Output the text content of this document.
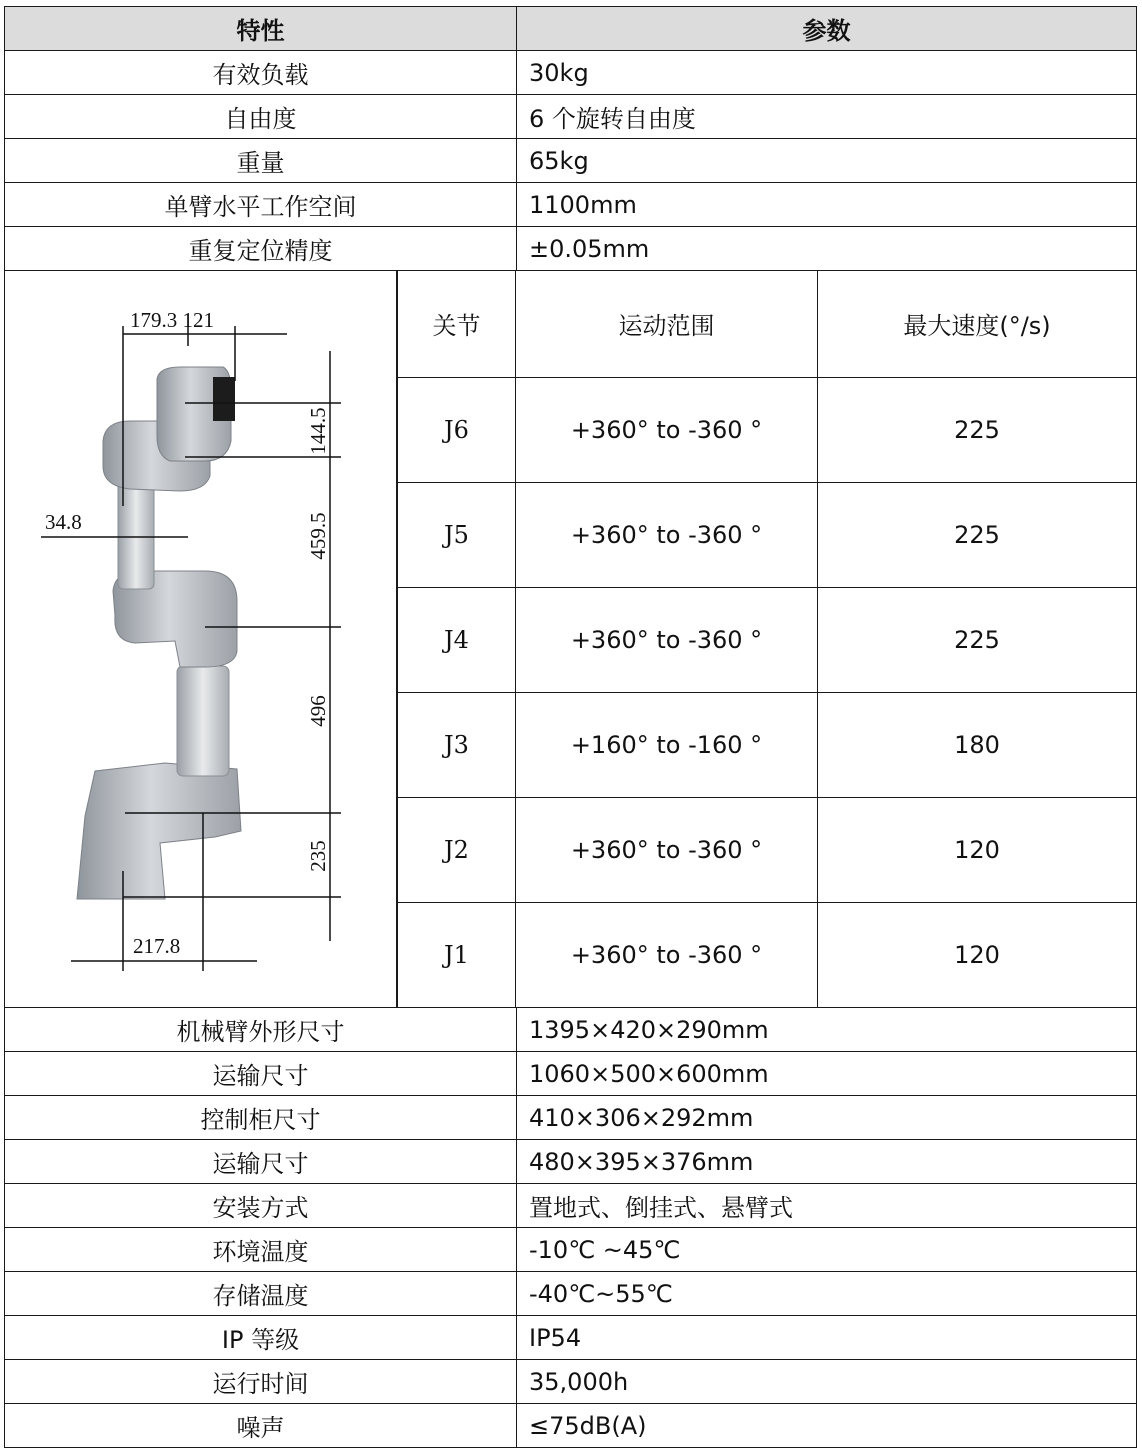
特性	参数
有效负载	30kg
自由度	6 个旋转自由度
重量	65kg
单臂水平工作空间	1100mm
重复定位精度	±0.05mm

179.3 121
34.8
217.8
144.5
459.5
496
235

关节	运动范围	最大速度(°/s)
J6	+360° to -360 °	225
J5	+360° to -360 °	225
J4	+360° to -360 °	225
J3	+160° to -160 °	180
J2	+360° to -360 °	120
J1	+360° to -360 °	120

机械臂外形尺寸	1395×420×290mm
运输尺寸	1060×500×600mm
控制柜尺寸	410×306×292mm
运输尺寸	480×395×376mm
安装方式	置地式、倒挂式、悬臂式
环境温度	-10℃ ~45℃
存储温度	-40℃~55℃
IP 等级	IP54
运行时间	35,000h
噪声	≤75dB(A)
